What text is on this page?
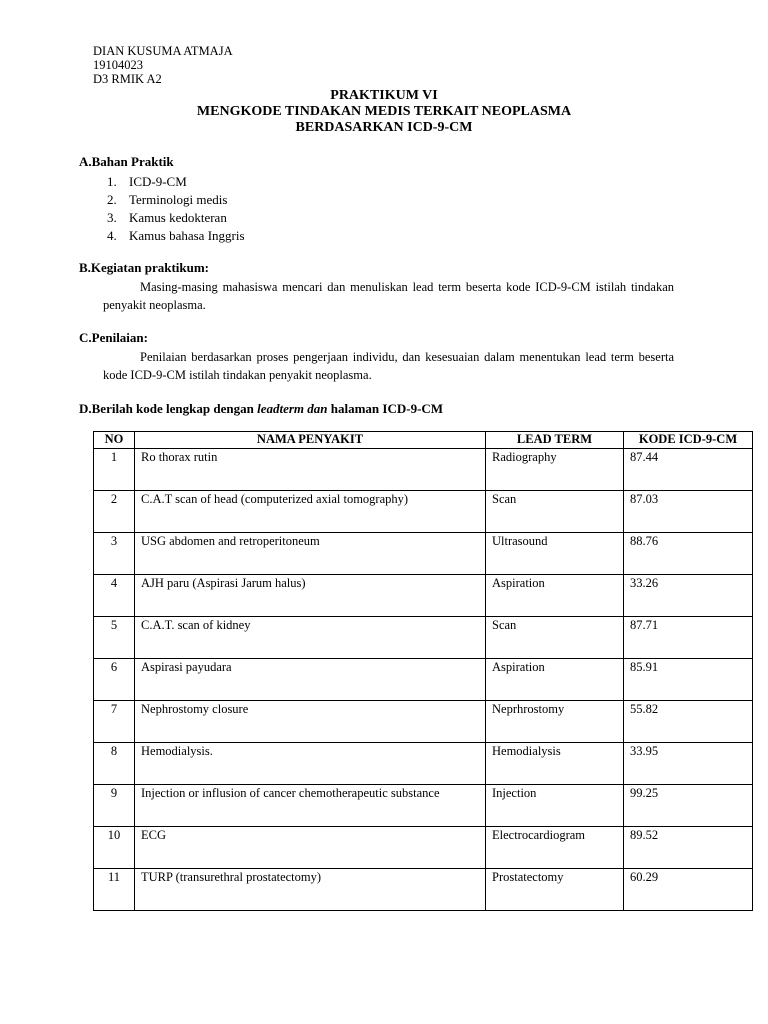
DIAN KUSUMA ATMAJA
19104023
D3 RMIK A2
PRAKTIKUM VI
MENGKODE TINDAKAN MEDIS TERKAIT NEOPLASMA
BERDASARKAN ICD-9-CM
A.Bahan Praktik
1. ICD-9-CM
2. Terminologi medis
3. Kamus kedokteran
4. Kamus bahasa Inggris
B.Kegiatan praktikum:
Masing-masing mahasiswa mencari dan menuliskan lead term beserta kode ICD-9-CM istilah tindakan penyakit neoplasma.
C.Penilaian:
Penilaian berdasarkan proses pengerjaan individu, dan kesesuaian dalam menentukan lead term beserta kode ICD-9-CM istilah tindakan penyakit neoplasma.
D.Berilah kode lengkap dengan leadterm dan halaman ICD-9-CM
NO	NAMA PENYAKIT	LEAD TERM	KODE ICD-9-CM
1	Ro thorax rutin	Radiography	87.44
2	C.A.T scan of head (computerized axial tomography)	Scan	87.03
3	USG abdomen and retroperitoneum	Ultrasound	88.76
4	AJH paru (Aspirasi Jarum halus)	Aspiration	33.26
5	C.A.T. scan of kidney	Scan	87.71
6	Aspirasi payudara	Aspiration	85.91
7	Nephrostomy closure	Neprhrostomy	55.82
8	Hemodialysis.	Hemodialysis	33.95
9	Injection or influsion of cancer chemotherapeutic substance	Injection	99.25
10	ECG	Electrocardiogram	89.52
11	TURP (transurethral prostatectomy)	Prostatectomy	60.29
